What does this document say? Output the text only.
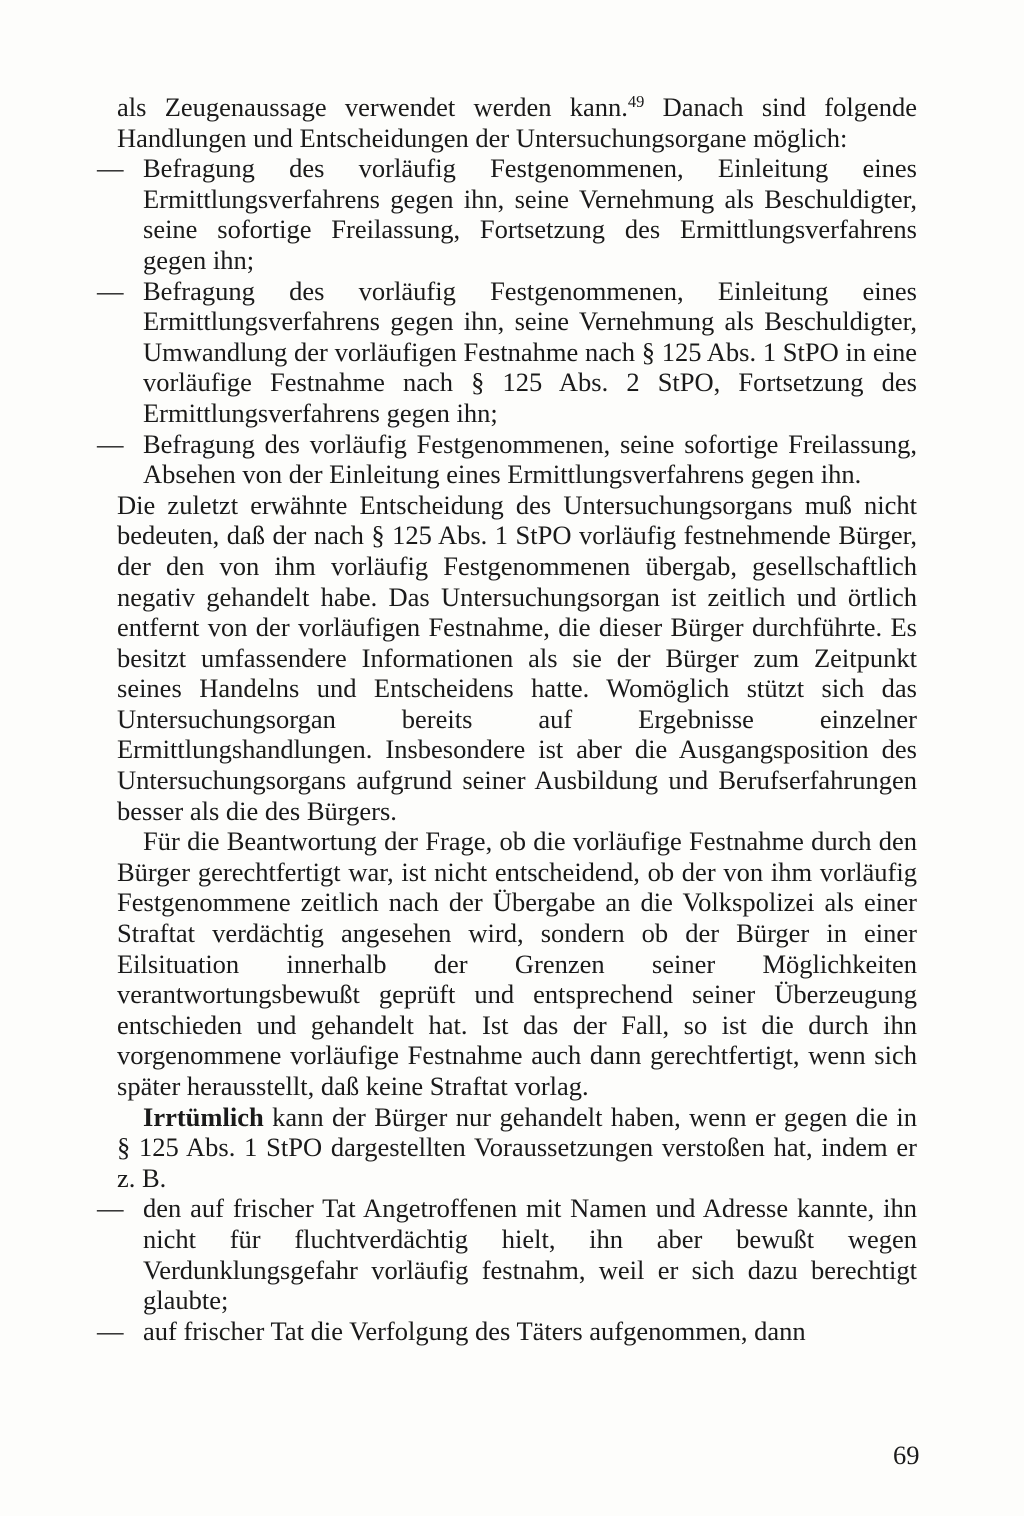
als Zeugenaussage verwendet werden kann.$^{49}$ Danach sind folgende Handlungen und Entscheidungen der Untersuchungsorgane möglich:

— Befragung des vorläufig Festgenommenen, Einleitung eines Ermittlungsverfahrens gegen ihn, seine Vernehmung als Beschuldigter, seine sofortige Freilassung, Fortsetzung des Ermittlungsverfahrens gegen ihn;
— Befragung des vorläufig Festgenommenen, Einleitung eines Ermittlungsverfahrens gegen ihn, seine Vernehmung als Beschuldigter, Umwandlung der vorläufigen Festnahme nach § 125 Abs. 1 StPO in eine vorläufige Festnahme nach § 125 Abs. 2 StPO, Fortsetzung des Ermittlungsverfahrens gegen ihn;
— Befragung des vorläufig Festgenommenen, seine sofortige Freilassung, Absehen von der Einleitung eines Ermittlungsverfahrens gegen ihn.

Die zuletzt erwähnte Entscheidung des Untersuchungsorgans muß nicht bedeuten, daß der nach § 125 Abs. 1 StPO vorläufig festnehmende Bürger, der den von ihm vorläufig Festgenommenen übergab, gesellschaftlich negativ gehandelt habe. Das Untersuchungsorgan ist zeitlich und örtlich entfernt von der vorläufigen Festnahme, die dieser Bürger durchführte. Es besitzt umfassendere Informationen als sie der Bürger zum Zeitpunkt seines Handelns und Entscheidens hatte. Womöglich stützt sich das Untersuchungsorgan bereits auf Ergebnisse einzelner Ermittlungshandlungen. Insbesondere ist aber die Ausgangsposition des Untersuchungsorgans aufgrund seiner Ausbildung und Berufserfahrungen besser als die des Bürgers.

Für die Beantwortung der Frage, ob die vorläufige Festnahme durch den Bürger gerechtfertigt war, ist nicht entscheidend, ob der von ihm vorläufig Festgenommene zeitlich nach der Übergabe an die Volkspolizei als einer Straftat verdächtig angesehen wird, sondern ob der Bürger in einer Eilsituation innerhalb der Grenzen seiner Möglichkeiten verantwortungsbewußt geprüft und entsprechend seiner Überzeugung entschieden und gehandelt hat. Ist das der Fall, so ist die durch ihn vorgenommene vorläufige Festnahme auch dann gerechtfertigt, wenn sich später herausstellt, daß keine Straftat vorlag.

Irrtümlich kann der Bürger nur gehandelt haben, wenn er gegen die in § 125 Abs. 1 StPO dargestellten Voraussetzungen verstoßen hat, indem er z. B.

— den auf frischer Tat Angetroffenen mit Namen und Adresse kannte, ihn nicht für fluchtverdächtig hielt, ihn aber bewußt wegen Verdunklungsgefahr vorläufig festnahm, weil er sich dazu berechtigt glaubte;
— auf frischer Tat die Verfolgung des Täters aufgenommen, dann
69
